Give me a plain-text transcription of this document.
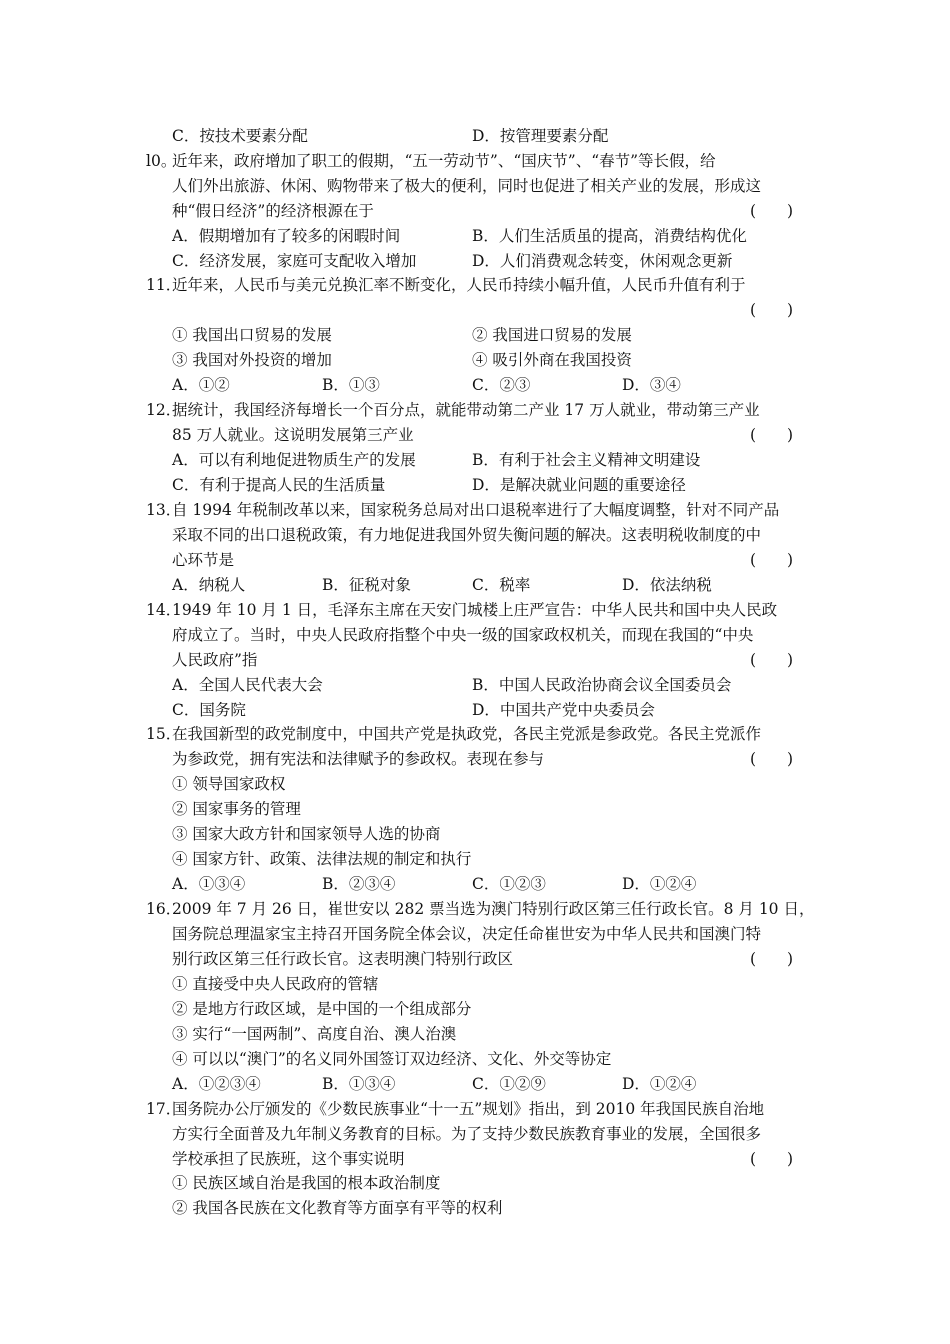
C．按技术要素分配	D．按管理要素分配
l0。
近年来，政府增加了职工的假期，“五一劳动节”、“国庆节”、“春节”等长假，给
人们外出旅游、休闲、购物带来了极大的便利，同时也促进了相关产业的发展，形成这
种“假日经济”的经济根源在于	(　　)
A．假期增加有了较多的闲暇时间	B．人们生活质虽的提高，消费结构优化
C．经济发展，家庭可支配收入增加	D．人们消费观念转变，休闲观念更新
11．
近年来，人民币与美元兑换汇率不断变化，人民币持续小幅升值，人民币升值有利于
(　　)
① 我国出口贸易的发展	② 我国进口贸易的发展
③ 我国对外投资的增加	④ 吸引外商在我国投资
A．①②	B．①③	C．②③	D．③④
12．
据统计，我国经济每增长一个百分点，就能带动第二产业 17 万人就业，带动第三产业
85 万人就业。这说明发展第三产业	(　　)
A．可以有利地促进物质生产的发展	B．有利于社会主义精神文明建设
C．有利于提高人民的生活质量	D．是解决就业问题的重要途径
13．
自 1994 年税制改革以来，国家税务总局对出口退税率进行了大幅度调整，针对不同产品
采取不同的出口退税政策，有力地促进我国外贸失衡问题的解决。这表明税收制度的中
心环节是	(　　)
A．纳税人	B．征税对象	C．税率	D．依法纳税
14．
1949 年 10 月 1 日，毛泽东主席在天安门城楼上庄严宣告：中华人民共和国中央人民政
府成立了。当时，中央人民政府指整个中央一级的国家政权机关，而现在我国的“中央
人民政府”指	(　　)
A．全国人民代表大会	B．中国人民政治协商会议全国委员会
C．国务院	D．中国共产党中央委员会
15．
在我国新型的政党制度中，中国共产党是执政党，各民主党派是参政党。各民主党派作
为参政党，拥有宪法和法律赋予的参政权。表现在参与	(　　)
① 领导国家政权
② 国家事务的管理
③ 国家大政方针和国家领导人选的协商
④ 国家方针、政策、法律法规的制定和执行
A．①③④	B．②③④	C．①②③	D．①②④
16．
2009 年 7 月 26 日，崔世安以 282 票当选为澳门特别行政区第三任行政长官。8 月 10 日，
国务院总理温家宝主持召开国务院全体会议，决定任命崔世安为中华人民共和国澳门特
别行政区第三任行政长官。这表明澳门特别行政区	(　　)
① 直接受中央人民政府的管辖
② 是地方行政区域，是中国的一个组成部分
③ 实行“一国两制”、高度自治、澳人治澳
④ 可以以“澳门”的名义同外国签订双边经济、文化、外交等协定
A．①②③④	B．①③④	C．①②⑨	D．①②④
17．
国务院办公厅颁发的《少数民族事业“十一五”规划》指出，到 2010 年我国民族自治地
方实行全面普及九年制义务教育的目标。为了支持少数民族教育事业的发展，全国很多
学校承担了民族班，这个事实说明	(　　)
① 民族区域自治是我国的根本政治制度
② 我国各民族在文化教育等方面享有平等的权利
